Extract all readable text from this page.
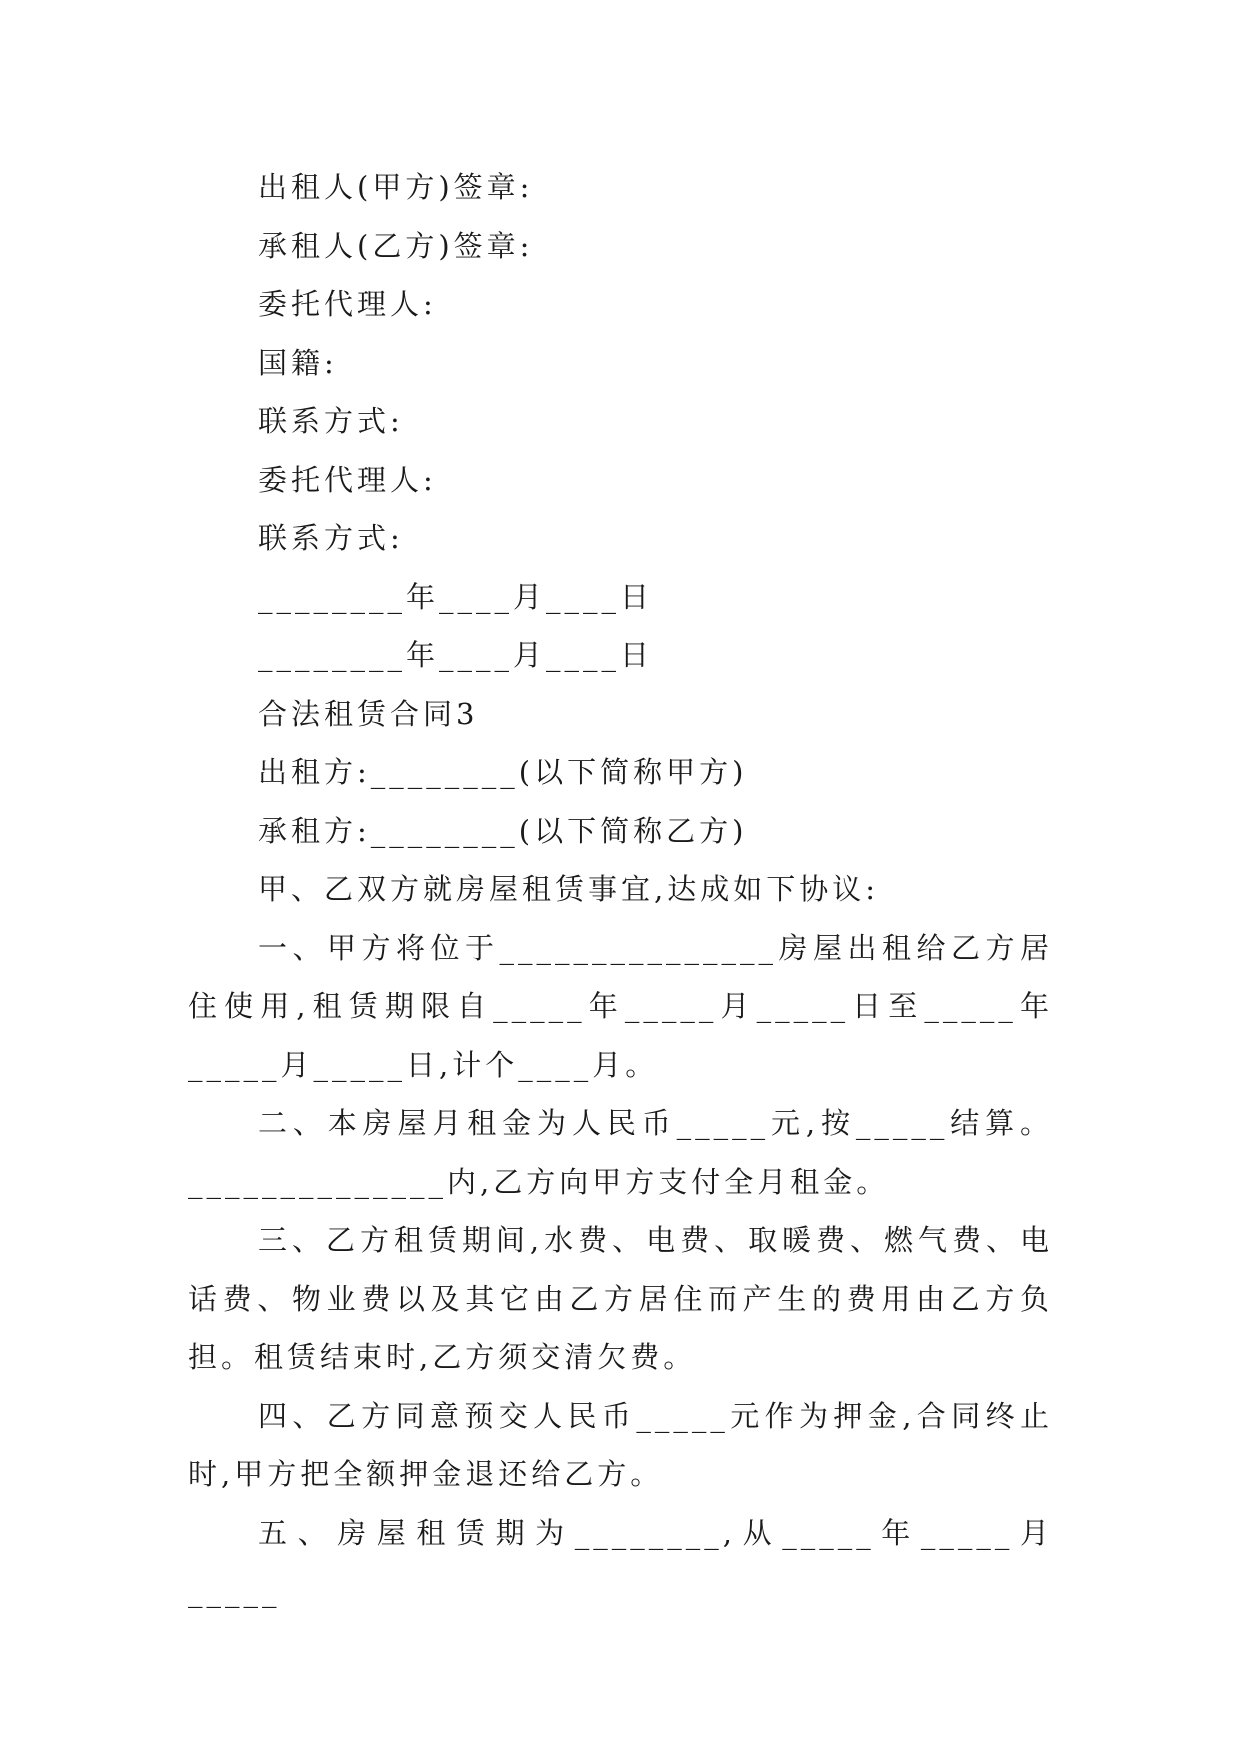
出租人(甲方)签章:
承租人(乙方)签章:
委托代理人:
国籍:
联系方式:
委托代理人:
联系方式:
________年____月____日
________年____月____日
合法租赁合同3
出租方:________(以下简称甲方)
承租方:________(以下简称乙方)
甲、乙双方就房屋租赁事宜,达成如下协议:

一、甲方将位于_______________房屋出租给乙方居住使用,租赁期限自_____年_____月_____日至_____年_____月_____日,计个____月。

二、本房屋月租金为人民币_____元,按_____结算。______________内,乙方向甲方支付全月租金。

三、乙方租赁期间,水费、电费、取暖费、燃气费、电话费、物业费以及其它由乙方居住而产生的费用由乙方负担。租赁结束时,乙方须交清欠费。

四、乙方同意预交人民币_____元作为押金,合同终止时,甲方把全额押金退还给乙方。

五、房屋租赁期为________,从_____年_____月_____
